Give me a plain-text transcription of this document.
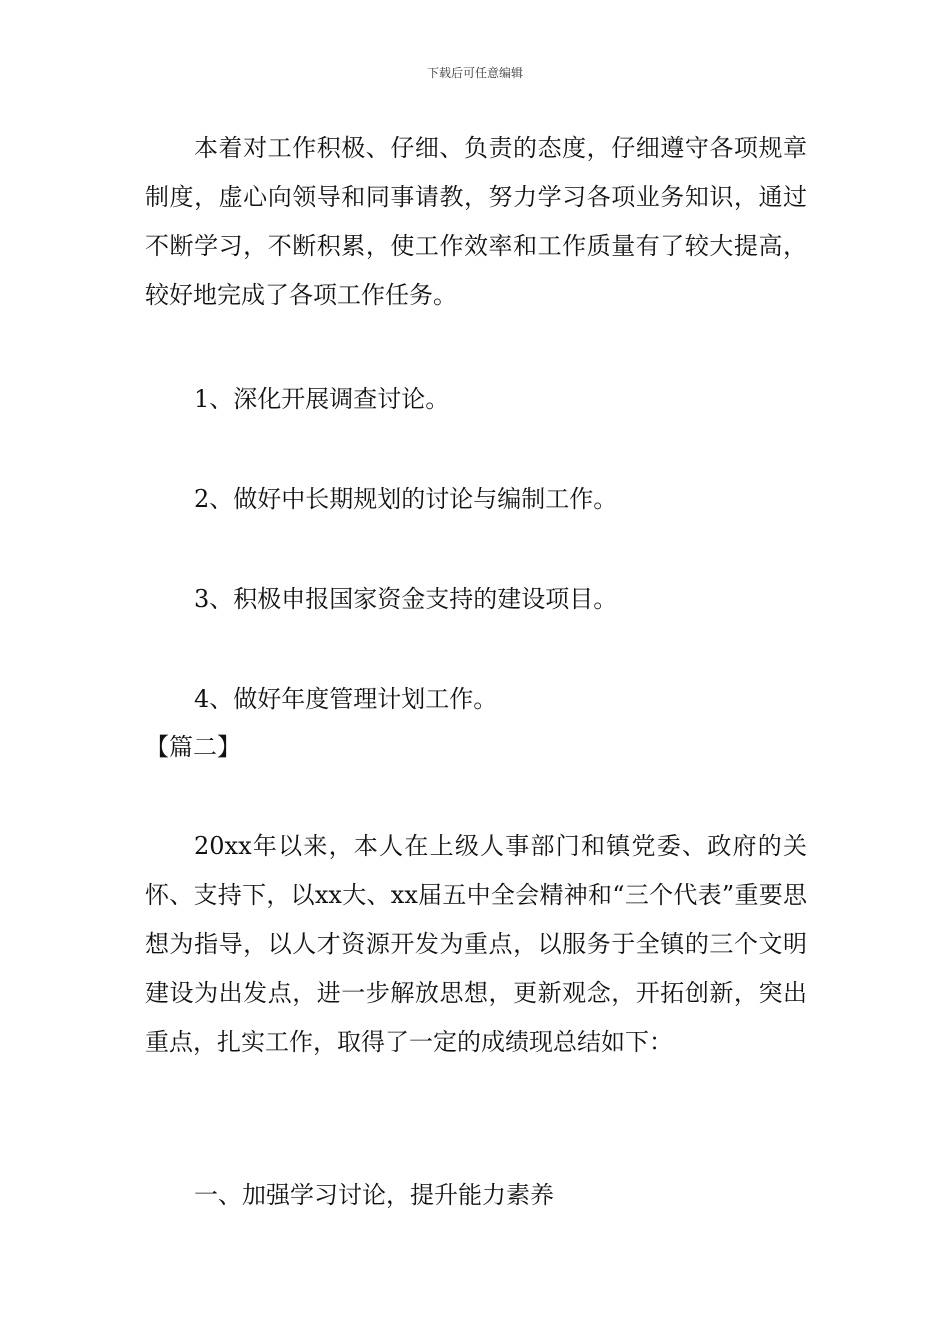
下载后可任意编辑

本着对工作积极、仔细、负责的态度，仔细遵守各项规章制度，虚心向领导和同事请教，努力学习各项业务知识，通过不断学习，不断积累，使工作效率和工作质量有了较大提高，较好地完成了各项工作任务。

1、深化开展调查讨论。
2、做好中长期规划的讨论与编制工作。
3、积极申报国家资金支持的建设项目。
4、做好年度管理计划工作。
【篇二】

20xx年以来，本人在上级人事部门和镇党委、政府的关怀、支持下，以xx大、xx届五中全会精神和“三个代表”重要思想为指导，以人才资源开发为重点，以服务于全镇的三个文明建设为出发点，进一步解放思想，更新观念，开拓创新，突出重点，扎实工作，取得了一定的成绩现总结如下：

一、加强学习讨论，提升能力素养
